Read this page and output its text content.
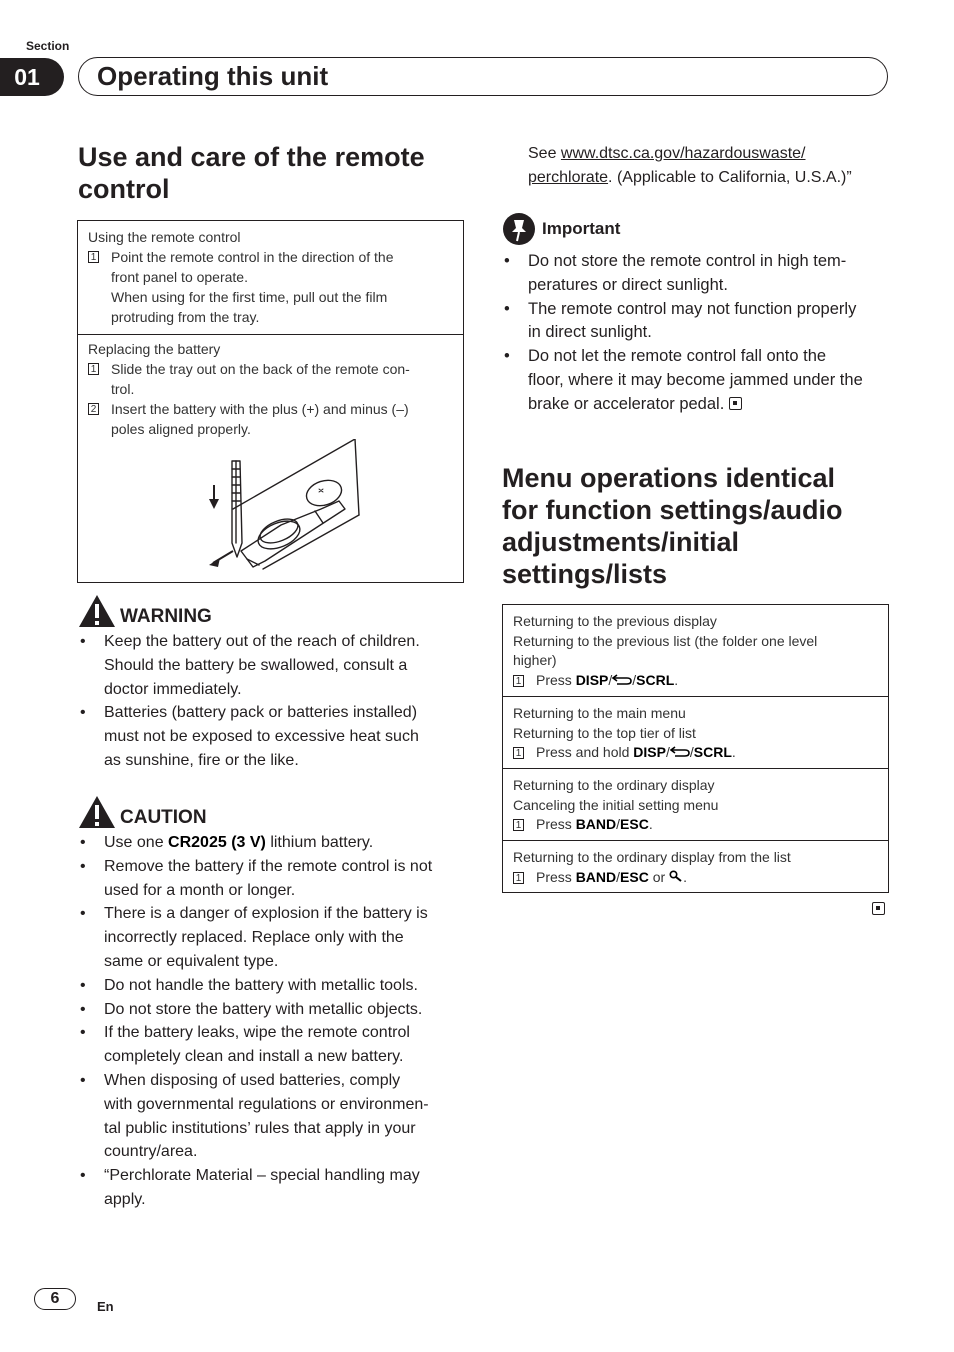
Section
01	Operating this unit
Use and care of the remote
control
Using the remote control
1 Point the remote control in the direction of the
front panel to operate.
When using for the first time, pull out the film
protruding from the tray.
Replacing the battery
1 Slide the tray out on the back of the remote con-
trol.
2 Insert the battery with the plus (+) and minus (–)
poles aligned properly.
WARNING
• Keep the battery out of the reach of children.
Should the battery be swallowed, consult a
doctor immediately.
• Batteries (battery pack or batteries installed)
must not be exposed to excessive heat such
as sunshine, fire or the like.
CAUTION
• Use one CR2025 (3 V) lithium battery.
• Remove the battery if the remote control is not
used for a month or longer.
• There is a danger of explosion if the battery is
incorrectly replaced. Replace only with the
same or equivalent type.
• Do not handle the battery with metallic tools.
• Do not store the battery with metallic objects.
• If the battery leaks, wipe the remote control
completely clean and install a new battery.
• When disposing of used batteries, comply
with governmental regulations or environmen-
tal public institutions’ rules that apply in your
country/area.
• “Perchlorate Material – special handling may
apply.
See www.dtsc.ca.gov/hazardouswaste/
perchlorate. (Applicable to California, U.S.A.)”
Important
• Do not store the remote control in high tem-
peratures or direct sunlight.
• The remote control may not function properly
in direct sunlight.
• Do not let the remote control fall onto the
floor, where it may become jammed under the
brake or accelerator pedal.
Menu operations identical
for function settings/audio
adjustments/initial
settings/lists
Returning to the previous display
Returning to the previous list (the folder one level
higher)
1 Press DISP/ /SCRL.
Returning to the main menu
Returning to the top tier of list
1 Press and hold DISP/ /SCRL.
Returning to the ordinary display
Canceling the initial setting menu
1 Press BAND/ESC.
Returning to the ordinary display from the list
1 Press BAND/ESC or .
6	En
